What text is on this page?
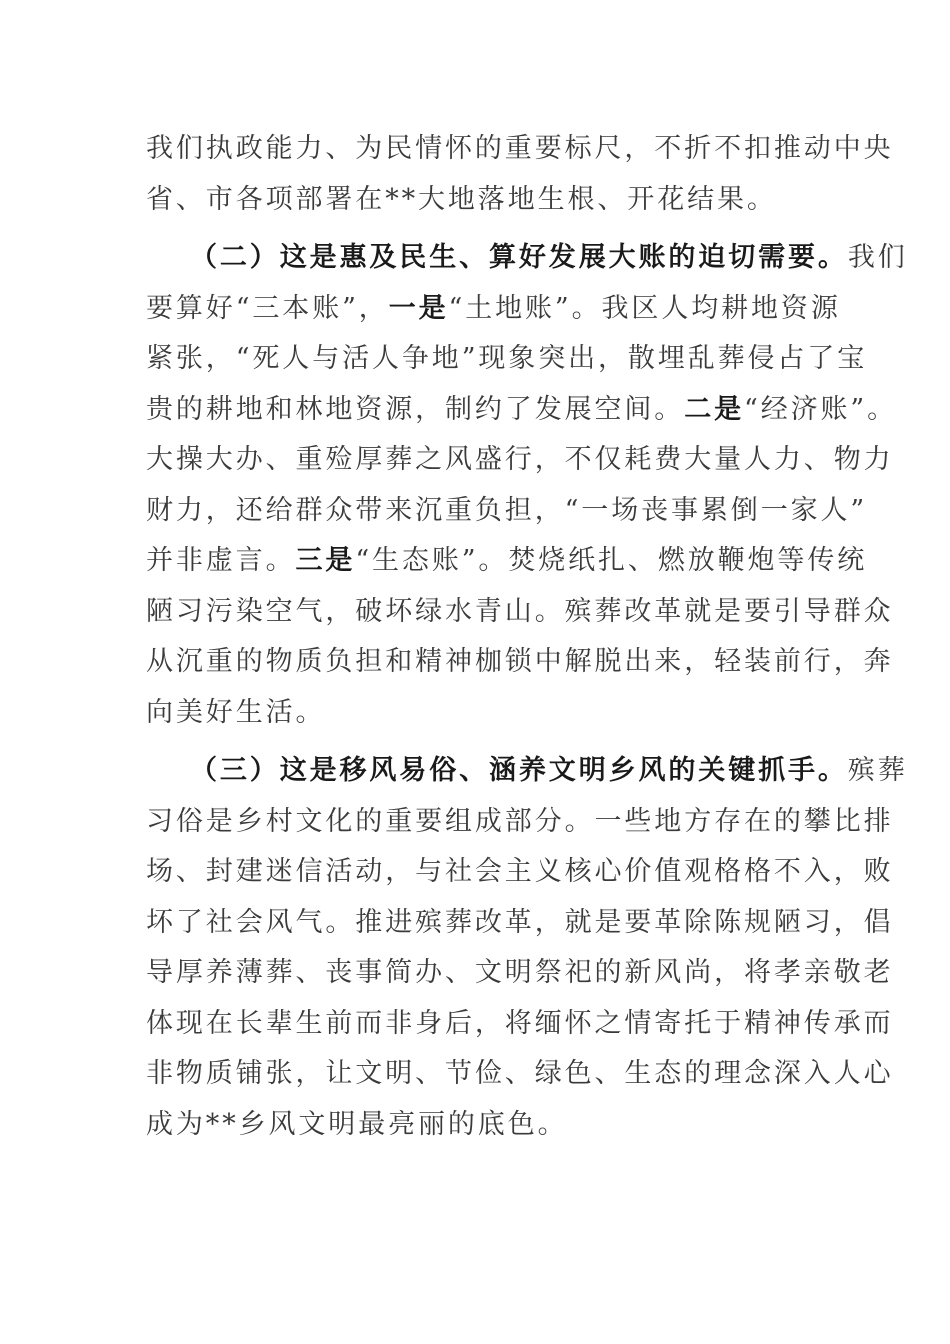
我们执政能力、为民情怀的重要标尺，不折不扣推动中央
省、市各项部署在**大地落地生根、开花结果。
（二）这是惠及民生、算好发展大账的迫切需要。我们
要算好“三本账”，一是“土地账”。我区人均耕地资源
紧张，“死人与活人争地”现象突出，散埋乱葬侵占了宝
贵的耕地和林地资源，制约了发展空间。二是“经济账”。
大操大办、重殓厚葬之风盛行，不仅耗费大量人力、物力
财力，还给群众带来沉重负担，“一场丧事累倒一家人”
并非虚言。三是“生态账”。焚烧纸扎、燃放鞭炮等传统
陋习污染空气，破坏绿水青山。殡葬改革就是要引导群众
从沉重的物质负担和精神枷锁中解脱出来，轻装前行，奔
向美好生活。
（三）这是移风易俗、涵养文明乡风的关键抓手。殡葬
习俗是乡村文化的重要组成部分。一些地方存在的攀比排
场、封建迷信活动，与社会主义核心价值观格格不入，败
坏了社会风气。推进殡葬改革，就是要革除陈规陋习，倡
导厚养薄葬、丧事简办、文明祭祀的新风尚，将孝亲敬老
体现在长辈生前而非身后，将缅怀之情寄托于精神传承而
非物质铺张，让文明、节俭、绿色、生态的理念深入人心
成为**乡风文明最亮丽的底色。
